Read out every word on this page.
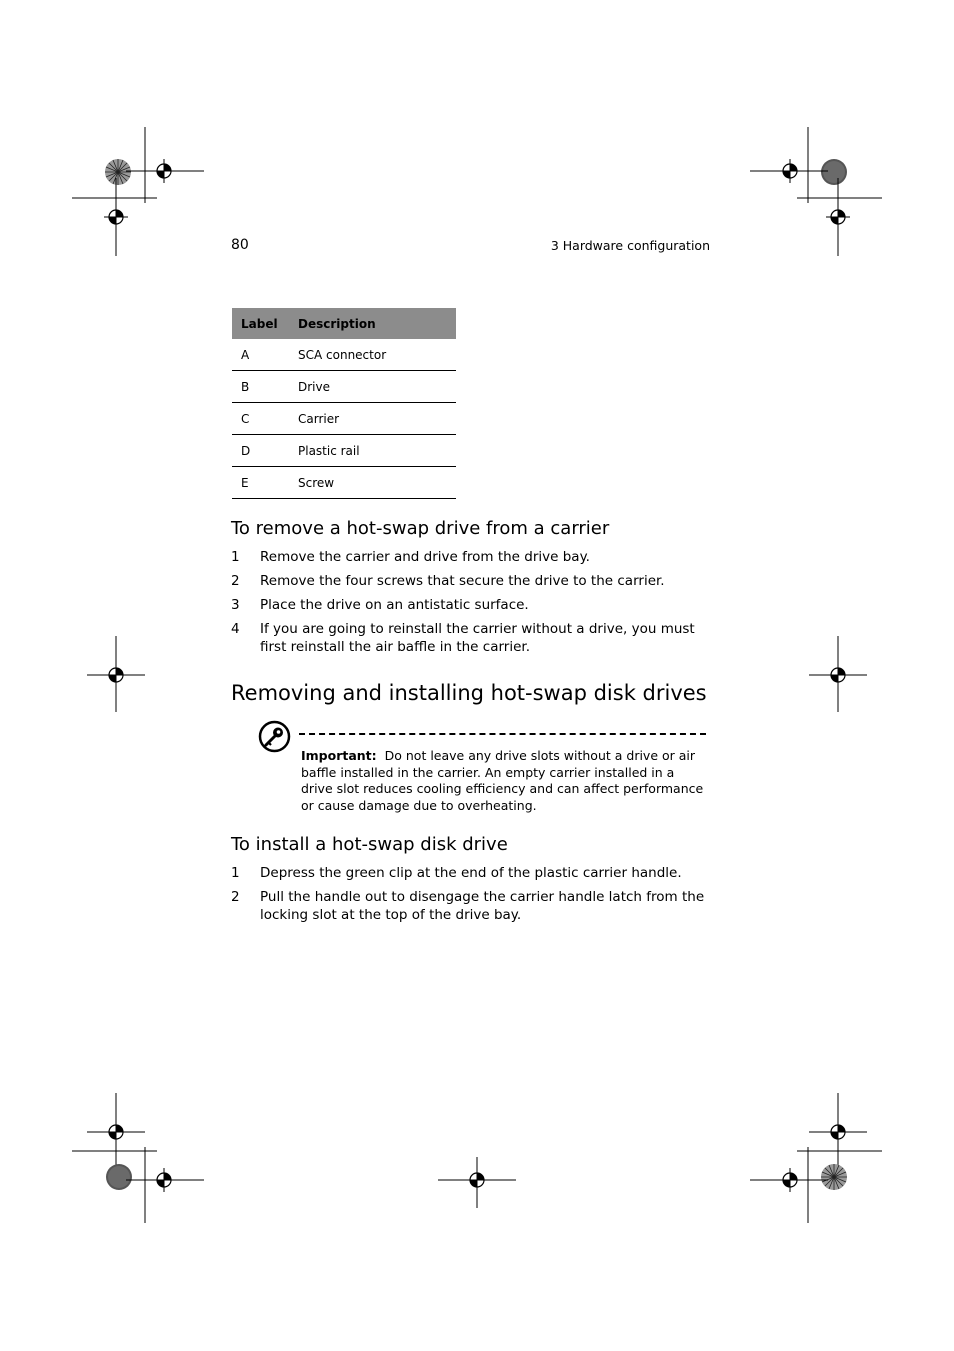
80	3 Hardware configuration
Label	Description
A	SCA connector
B	Drive
C	Carrier
D	Plastic rail
E	Screw
To remove a hot-swap drive from a carrier
1	Remove the carrier and drive from the drive bay.
2	Remove the four screws that secure the drive to the carrier.
3	Place the drive on an antistatic surface.
4	If you are going to reinstall the carrier without a drive, you must first reinstall the air baffle in the carrier.
Removing and installing hot-swap disk drives
Important: Do not leave any drive slots without a drive or air baffle installed in the carrier. An empty carrier installed in a drive slot reduces cooling efficiency and can affect performance or cause damage due to overheating.
To install a hot-swap disk drive
1	Depress the green clip at the end of the plastic carrier handle.
2	Pull the handle out to disengage the carrier handle latch from the locking slot at the top of the drive bay.
